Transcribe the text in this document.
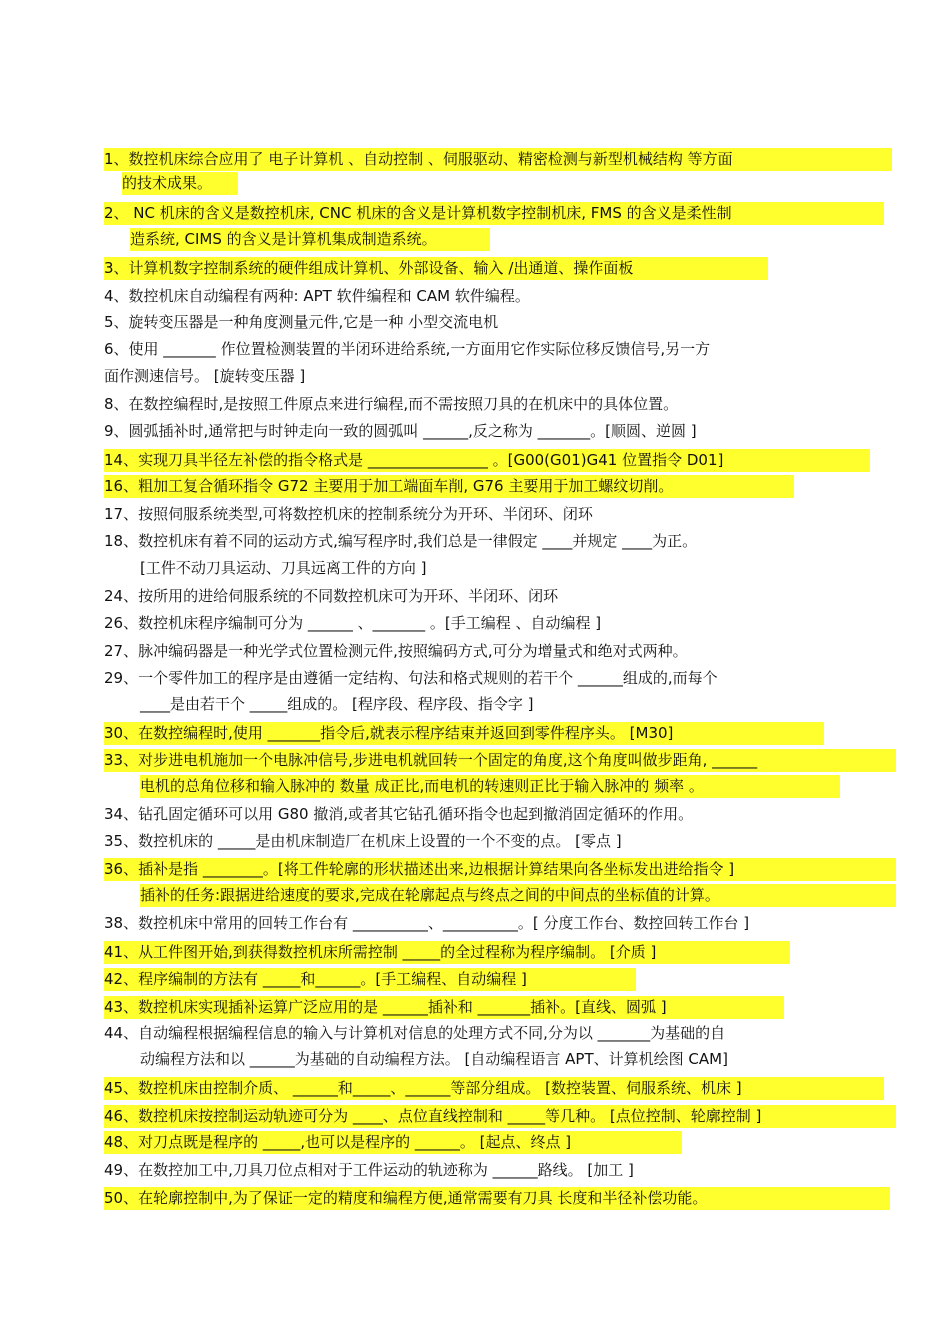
1、数控机床综合应用了 电子计算机 、自动控制 、伺服驱动、精密检测与新型机械结构 等方面
的技术成果。
2、 NC 机床的含义是数控机床, CNC 机床的含义是计算机数字控制机床, FMS 的含义是柔性制
造系统, CIMS 的含义是计算机集成制造系统。
3、计算机数字控制系统的硬件组成计算机、外部设备、输入 /出通道、操作面板
4、数控机床自动编程有两种: APT 软件编程和 CAM 软件编程。
5、旋转变压器是一种角度测量元件,它是一种 小型交流电机
6、使用 _______ 作位置检测装置的半闭环进给系统,一方面用它作实际位移反馈信号,另一方
面作测速信号。 [旋转变压器 ]
8、在数控编程时,是按照工件原点来进行编程,而不需按照刀具的在机床中的具体位置。
9、圆弧插补时,通常把与时钟走向一致的圆弧叫 ______,反之称为 _______。[顺圆、逆圆 ]
14、实现刀具半径左补偿的指令格式是 ________________ 。[G00(G01)G41 位置指令 D01]
16、粗加工复合循环指令 G72 主要用于加工端面车削, G76 主要用于加工螺纹切削。
17、按照伺服系统类型,可将数控机床的控制系统分为开环、半闭环、闭环
18、数控机床有着不同的运动方式,编写程序时,我们总是一律假定 ____并规定 ____为正。
[工件不动刀具运动、刀具远离工件的方向 ]
24、按所用的进给伺服系统的不同数控机床可为开环、半闭环、闭环
26、数控机床程序编制可分为 ______ 、_______ 。[手工编程 、自动编程 ]
27、脉冲编码器是一种光学式位置检测元件,按照编码方式,可分为增量式和绝对式两种。
29、一个零件加工的程序是由遵循一定结构、句法和格式规则的若干个 ______组成的,而每个
____是由若干个 _____组成的。 [程序段、程序段、指令字 ]
30、在数控编程时,使用 _______指令后,就表示程序结束并返回到零件程序头。 [M30]
33、对步进电机施加一个电脉冲信号,步进电机就回转一个固定的角度,这个角度叫做步距角, ______
电机的总角位移和输入脉冲的 数量 成正比,而电机的转速则正比于输入脉冲的 频率 。
34、钻孔固定循环可以用 G80 撤消,或者其它钻孔循环指令也起到撤消固定循环的作用。
35、数控机床的 _____是由机床制造厂在机床上设置的一个不变的点。 [零点 ]
36、插补是指 ________。[将工件轮廓的形状描述出来,边根据计算结果向各坐标发出进给指令 ]
插补的任务:跟据进给速度的要求,完成在轮廓起点与终点之间的中间点的坐标值的计算。
38、数控机床中常用的回转工作台有 __________、__________。[ 分度工作台、数控回转工作台 ]
41、从工件图开始,到获得数控机床所需控制 _____的全过程称为程序编制。 [介质 ]
42、程序编制的方法有 _____和______。[手工编程、自动编程 ]
43、数控机床实现插补运算广泛应用的是 ______插补和 _______插补。[直线、圆弧 ]
44、自动编程根据编程信息的输入与计算机对信息的处理方式不同,分为以 _______为基础的自
动编程方法和以 ______为基础的自动编程方法。 [自动编程语言 APT、计算机绘图 CAM]
45、数控机床由控制介质、 ______和_____、______等部分组成。 [数控装置、伺服系统、机床 ]
46、数控机床按控制运动轨迹可分为 ____、点位直线控制和 _____等几种。 [点位控制、轮廓控制 ]
48、对刀点既是程序的 _____,也可以是程序的 ______。 [起点、终点 ]
49、在数控加工中,刀具刀位点相对于工件运动的轨迹称为 ______路线。 [加工 ]
50、在轮廓控制中,为了保证一定的精度和编程方便,通常需要有刀具 长度和半径补偿功能。
